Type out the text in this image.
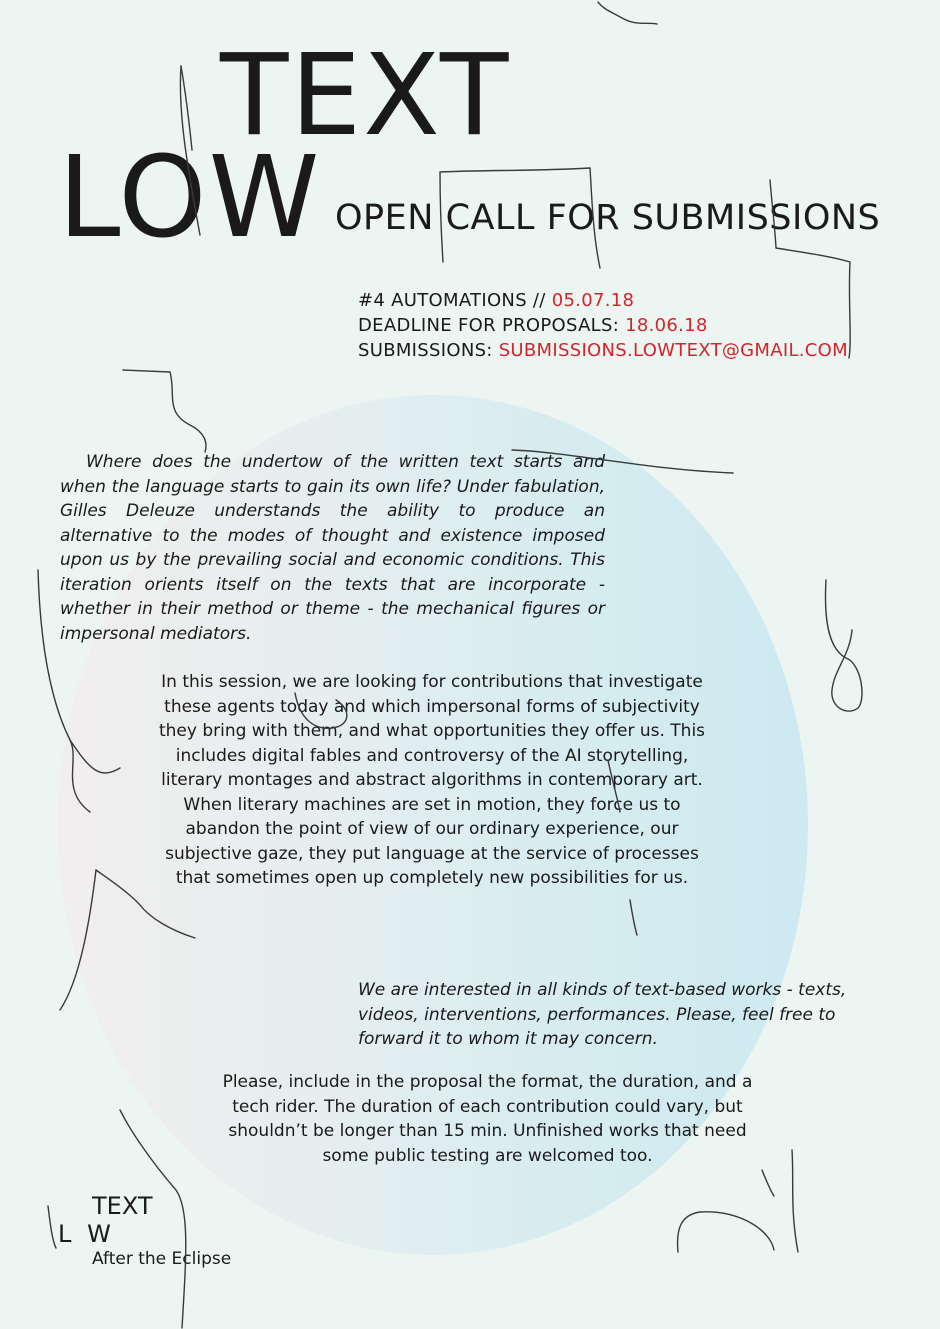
TEXT
LOW OPEN CALL FOR SUBMISSIONS
#4 AUTOMATIONS // 05.07.18
DEADLINE FOR PROPOSALS: 18.06.18
SUBMISSIONS: SUBMISSIONS.LOWTEXT@GMAIL.COM

Where does the undertow of the written text starts and when the language starts to gain its own life? Under fabulation, Gilles Deleuze understands the ability to produce an alternative to the modes of thought and existence imposed upon us by the prevailing social and economic conditions. This iteration orients itself on the texts that are incorporate - whether in their method or theme - the mechanical figures or impersonal mediators.

In this session, we are looking for contributions that investigate these agents today and which impersonal forms of subjectivity they bring with them, and what opportunities they offer us. This includes digital fables and controversy of the AI storytelling, literary montages and abstract algorithms in contemporary art. When literary machines are set in motion, they force us to abandon the point of view of our ordinary experience, our subjective gaze, they put language at the service of processes that sometimes open up completely new possibilities for us.

We are interested in all kinds of text-based works - texts, videos, interventions, performances. Please, feel free to forward it to whom it may concern.

Please, include in the proposal the format, the duration, and a tech rider. The duration of each contribution could vary, but shouldn’t be longer than 15 min. Unfinished works that need some public testing are welcomed too.

TEXT
LW
After the Eclipse
